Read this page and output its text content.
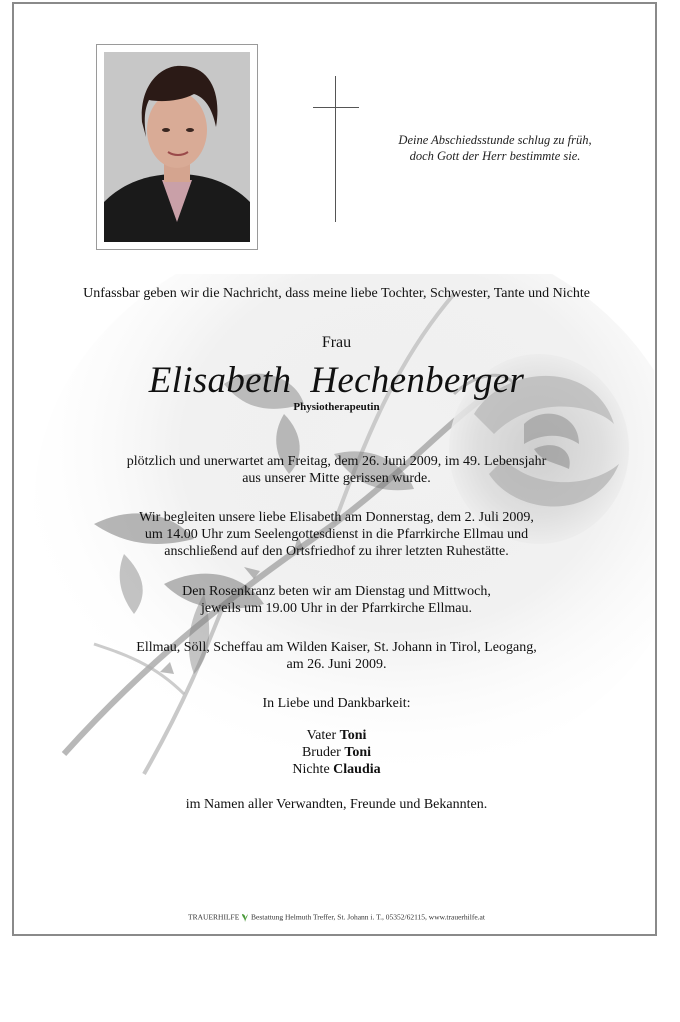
Deine Abschiedsstunde schlug zu früh,
doch Gott der Herr bestimmte sie.
Unfassbar geben wir die Nachricht, dass meine liebe Tochter, Schwester, Tante und Nichte
Frau
Elisabeth  Hechenberger
Physiotherapeutin
plötzlich und unerwartet am Freitag, dem 26. Juni 2009, im 49. Lebensjahr
aus unserer Mitte gerissen wurde.
Wir begleiten unsere liebe Elisabeth am Donnerstag, dem 2. Juli 2009,
um 14.00 Uhr zum Seelengottesdienst in die Pfarrkirche Ellmau und
anschließend auf den Ortsfriedhof zu ihrer letzten Ruhestätte.
Den Rosenkranz beten wir am Dienstag und Mittwoch,
jeweils um 19.00 Uhr in der Pfarrkirche Ellmau.
Ellmau, Söll, Scheffau am Wilden Kaiser, St. Johann in Tirol, Leogang,
am 26. Juni 2009.
In Liebe und Dankbarkeit:
Vater Toni
Bruder Toni
Nichte Claudia
im Namen aller Verwandten, Freunde und Bekannten.
TRAUERHILFE Bestattung Helmuth Treffer, St. Johann i. T., 05352/62115, www.trauerhilfe.at
